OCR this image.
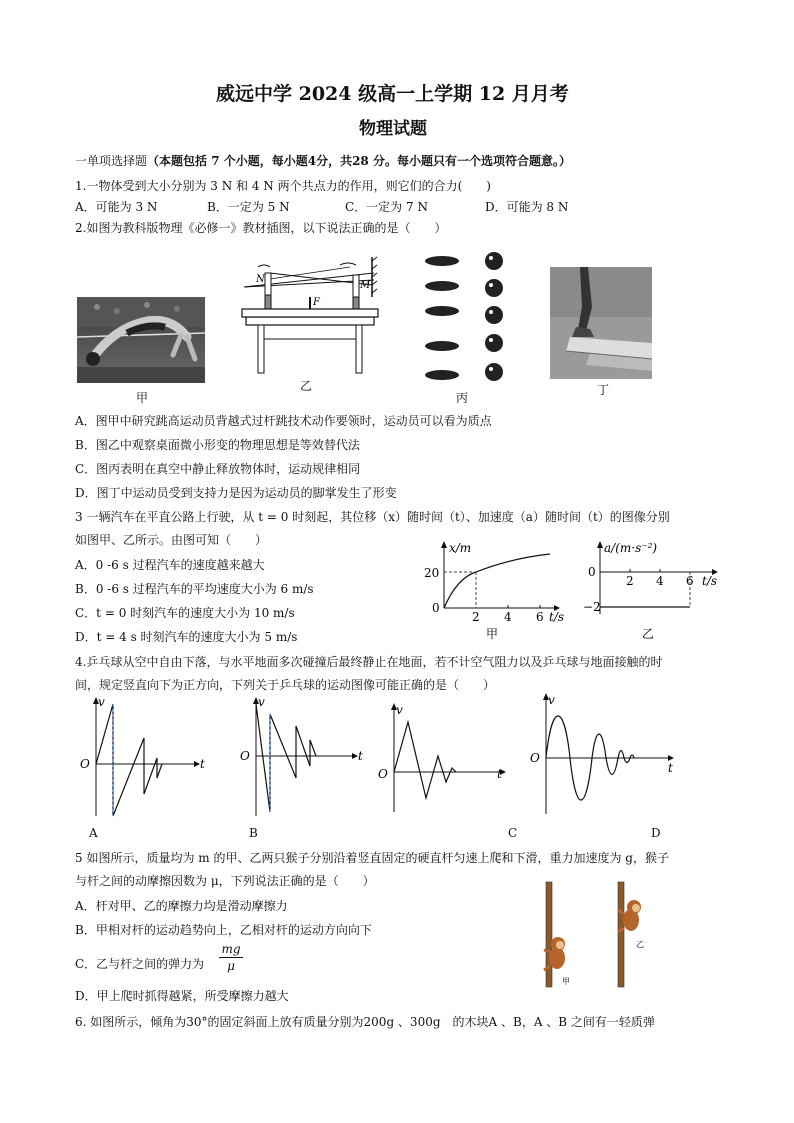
威远中学 2024 级高一上学期 12 月月考
物理试题
一单项选择题（本题包括 7 个小题，每小题4分，共28 分。每小题只有一个选项符合题意。）
1.一物体受到大小分别为 3 N 和 4 N 两个共点力的作用，则它们的合力(　　)
A．可能为 3 N	B．一定为 5 N	C．一定为 7 N	D．可能为 8 N
2.如图为教科版物理《必修一》教材插图，以下说法正确的是（　　）
甲
N
M
F
乙
丙
丁
A．图甲中研究跳高运动员背越式过杆跳技术动作要领时，运动员可以看为质点
B．图乙中观察桌面微小形变的物理思想是等效替代法
C．图丙表明在真空中静止释放物体时，运动规律相同
D．图丁中运动员受到支持力是因为运动员的脚掌发生了形变
3 一辆汽车在平直公路上行驶，从 t = 0 时刻起，其位移（x）随时间（t）、加速度（a）随时间（t）的图像分别
如图甲、乙所示。由图可知（　　）
A．0 -6 s 过程汽车的速度越来越大
B．0 -6 s 过程汽车的平均速度大小为 6 m/s
C．t = 0 时刻汽车的速度大小为 10 m/s
D．t = 4 s 时刻汽车的速度大小为 5 m/s
x/m
20
0
2 4 6 t/s
甲
a/(m·s⁻²)
0
−2
2 4 6 t/s
乙
4.乒乓球从空中自由下落，与水平地面多次碰撞后最终静止在地面，若不计空气阻力以及乒乓球与地面接触的时
间，规定竖直向下为正方向，下列关于乒乓球的运动图像可能正确的是（　　）
v
O	t
A
v
O	t
B
v
O	t
C
v
O
t
D
5 如图所示，质量均为 m 的甲、乙两只猴子分别沿着竖直固定的硬直杆匀速上爬和下滑，重力加速度为 g，猴子
与杆之间的动摩擦因数为 μ，下列说法正确的是（　　）
A．杆对甲、乙的摩擦力均是滑动摩擦力
B．甲相对杆的运动趋势向上，乙相对杆的运动方向向下
C．乙与杆之间的弹力为 $\frac{mg}{\mu}$
D．甲上爬时抓得越紧，所受摩擦力越大
甲
乙
6. 如图所示，倾角为30°的固定斜面上放有质量分别为200g 、300g　的木块A 、B，A 、B 之间有一轻质弹
